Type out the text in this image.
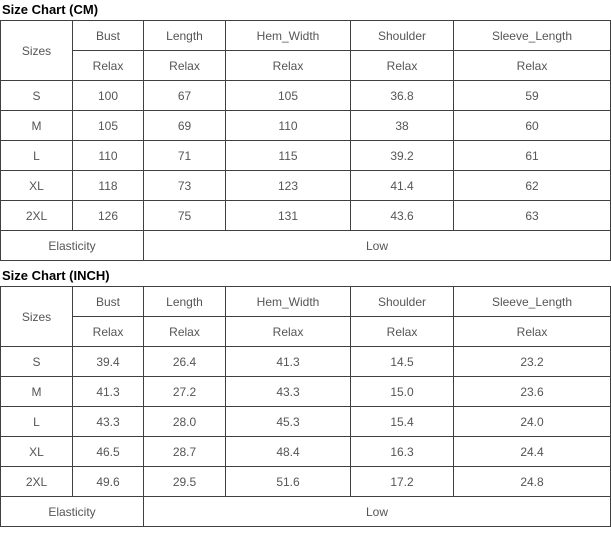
Size Chart (CM)
Sizes	Bust	Length	Hem_Width	Shoulder	Sleeve_Length
	Relax	Relax	Relax	Relax	Relax
S	100	67	105	36.8	59
M	105	69	110	38	60
L	110	71	115	39.2	61
XL	118	73	123	41.4	62
2XL	126	75	131	43.6	63
Elasticity		Low			
Size Chart (INCH)
Sizes	Bust	Length	Hem_Width	Shoulder	Sleeve_Length
	Relax	Relax	Relax	Relax	Relax
S	39.4	26.4	41.3	14.5	23.2
M	41.3	27.2	43.3	15.0	23.6
L	43.3	28.0	45.3	15.4	24.0
XL	46.5	28.7	48.4	16.3	24.4
2XL	49.6	29.5	51.6	17.2	24.8
Elasticity		Low			
